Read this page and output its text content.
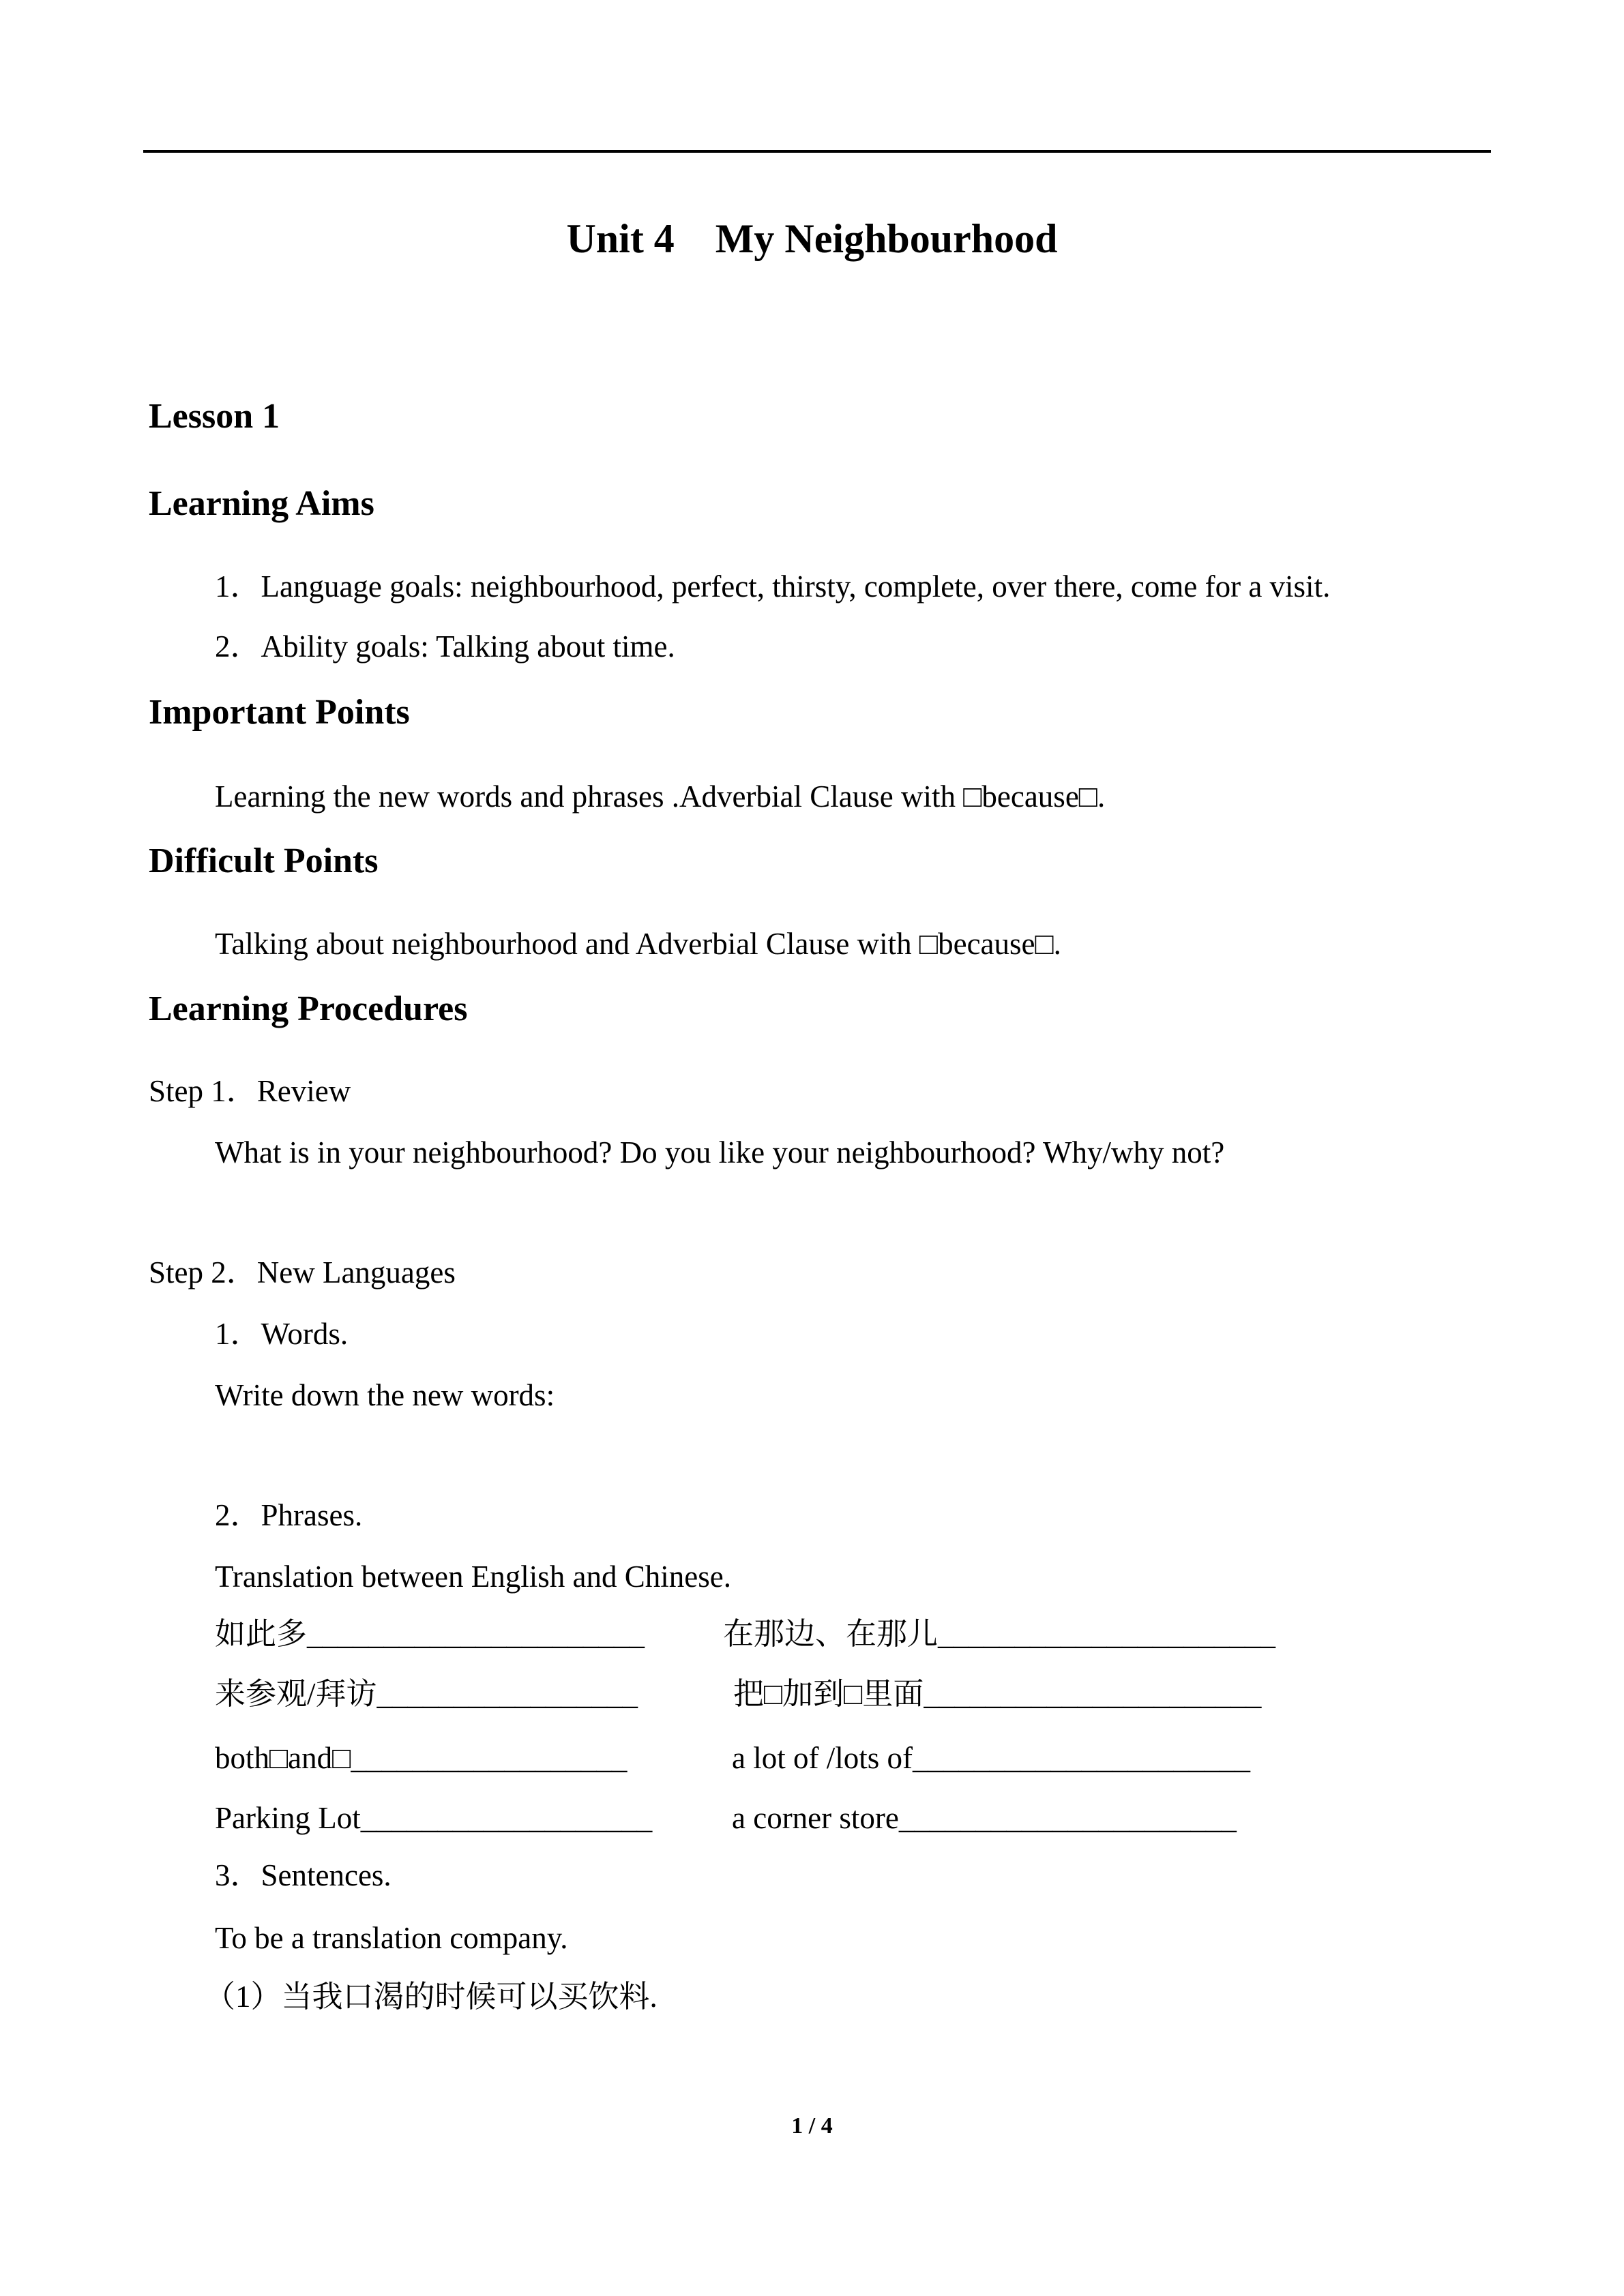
Unit 4　My Neighbourhood
Lesson 1
Learning Aims
1．Language goals: neighbourhood, perfect, thirsty, complete, over there, come for a visit.
2．Ability goals: Talking about time.
Important Points
Learning the new words and phrases .Adverbial Clause with □because□.
Difficult Points
Talking about neighbourhood and Adverbial Clause with □because□.
Learning Procedures
Step 1．Review
What is in your neighbourhood? Do you like your neighbourhood? Why/why not?
Step 2．New Languages
1．Words.
Write down the new words:
2．Phrases.
Translation between English and Chinese.
如此多______________________	在那边、在那儿______________________
来参观/拜访_________________	把□加到□里面______________________
both□and□__________________	a lot of /lots of______________________
Parking Lot___________________	a corner store______________________
3．Sentences.
To be a translation company.
（1）当我口渴的时候可以买饮料.
1 / 4
